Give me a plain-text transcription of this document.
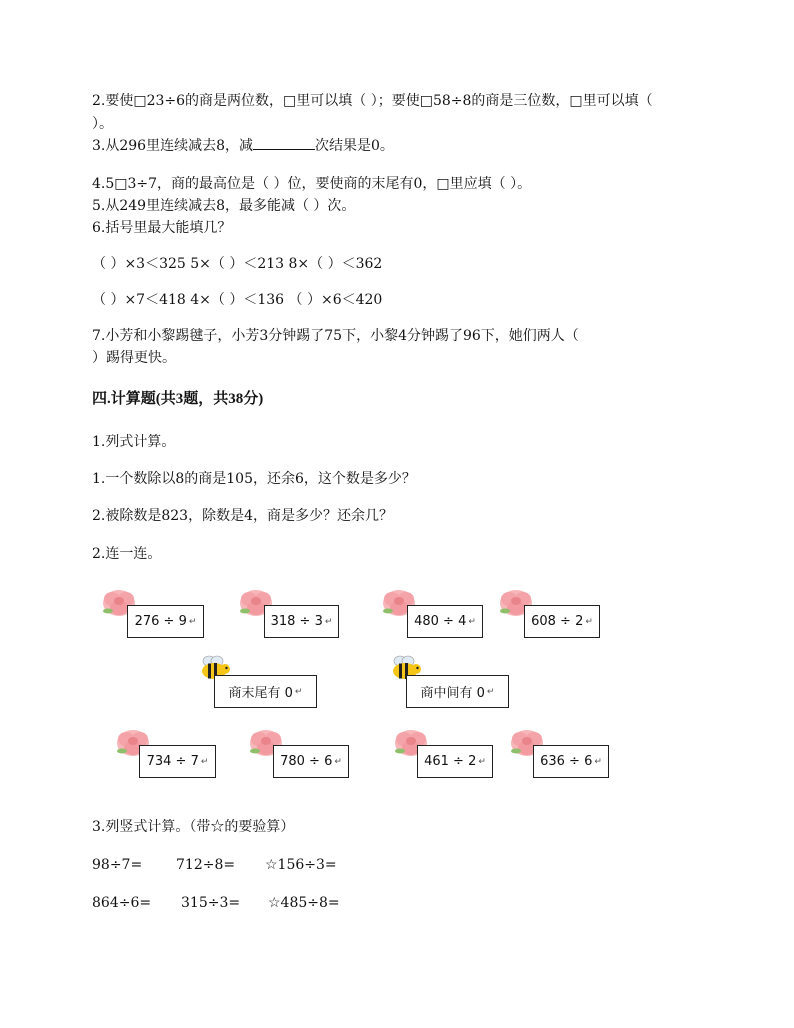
2.要使□23÷6的商是两位数，□里可以填（ ）；要使□58÷8的商是三位数，□里可以填（
）。
3.从296里连续减去8，减	次结果是0。
4.5□3÷7，商的最高位是（ ）位，要使商的末尾有0，□里应填（ ）。
5.从249里连续减去8，最多能减（ ）次。
6.括号里最大能填几？
（ ）×3＜325 5×（ ）＜213 8×（ ）＜362
（ ）×7＜418 4×（ ）＜136 （ ）×6＜420
7.小芳和小黎踢毽子，小芳3分钟踢了75下，小黎4分钟踢了96下，她们两人（
）踢得更快。
四.计算题(共3题，共38分)
1.列式计算。
1.一个数除以8的商是105，还余6，这个数是多少？
2.被除数是823，除数是4，商是多少？还余几？
2.连一连。
276 ÷ 9 ↵	318 ÷ 3 ↵	480 ÷ 4 ↵	608 ÷ 2 ↵
商末尾有 0 ↵	商中间有 0 ↵
734 ÷ 7 ↵	780 ÷ 6 ↵	461 ÷ 2 ↵	636 ÷ 6 ↵
3.列竖式计算。（带☆的要验算）
98÷7= 712÷8= ☆156÷3=
864÷6= 315÷3= ☆485÷8=
